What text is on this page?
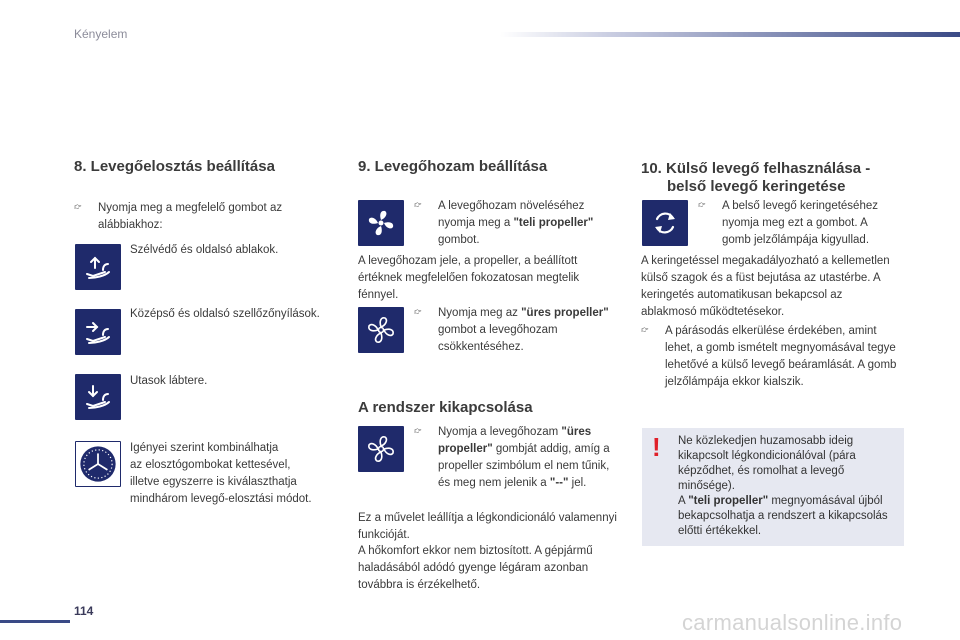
Kényelem
8. Levegőelosztás beállítása
👉︎	Nyomja meg a megfelelő gombot az alábbiakhoz:
Szélvédő és oldalsó ablakok.
Középső és oldalsó szellőzőnyílások.
Utasok lábtere.
Igényei szerint kombinálhatja
az elosztógombokat kettesével,
illetve egyszerre is kiválaszthatja
mindhárom levegő-elosztási módot.
9. Levegőhozam beállítása
👉︎	A levegőhozam növeléséhez nyomja meg a "teli propeller" gombot.
A levegőhozam jele, a propeller, a beállított értéknek megfelelően fokozatosan megtelik fénnyel.
👉︎	Nyomja meg az "üres propeller" gombot a levegőhozam csökkentéséhez.
A rendszer kikapcsolása
👉︎	Nyomja a levegőhozam "üres propeller" gombját addig, amíg a propeller szimbólum el nem tűnik, és meg nem jelenik a "--" jel.
Ez a művelet leállítja a légkondicionáló valamennyi funkcióját.
A hőkomfort ekkor nem biztosított. A gépjármű haladásából adódó gyenge légáram azonban továbbra is érzékelhető.
10. Külső levegő felhasználása -
belső levegő keringetése
👉︎	A belső levegő keringetéséhez nyomja meg ezt a gombot. A gomb jelzőlámpája kigyullad.
A keringetéssel megakadályozható a kellemetlen külső szagok és a füst bejutása az utastérbe. A keringetés automatikusan bekapcsol az ablakmosó működtetésekor.
👉︎	A párásodás elkerülése érdekében, amint lehet, a gomb ismételt megnyomásával tegye lehetővé a külső levegő beáramlását. A gomb jelzőlámpája ekkor kialszik.
! Ne közlekedjen huzamosabb ideig kikapcsolt légkondicionálóval (pára képződhet, és romolhat a levegő minősége).
A "teli propeller" megnyomásával újból bekapcsolhatja a rendszert a kikapcsolás előtti értékekkel.
114	carmanualsonline.info
